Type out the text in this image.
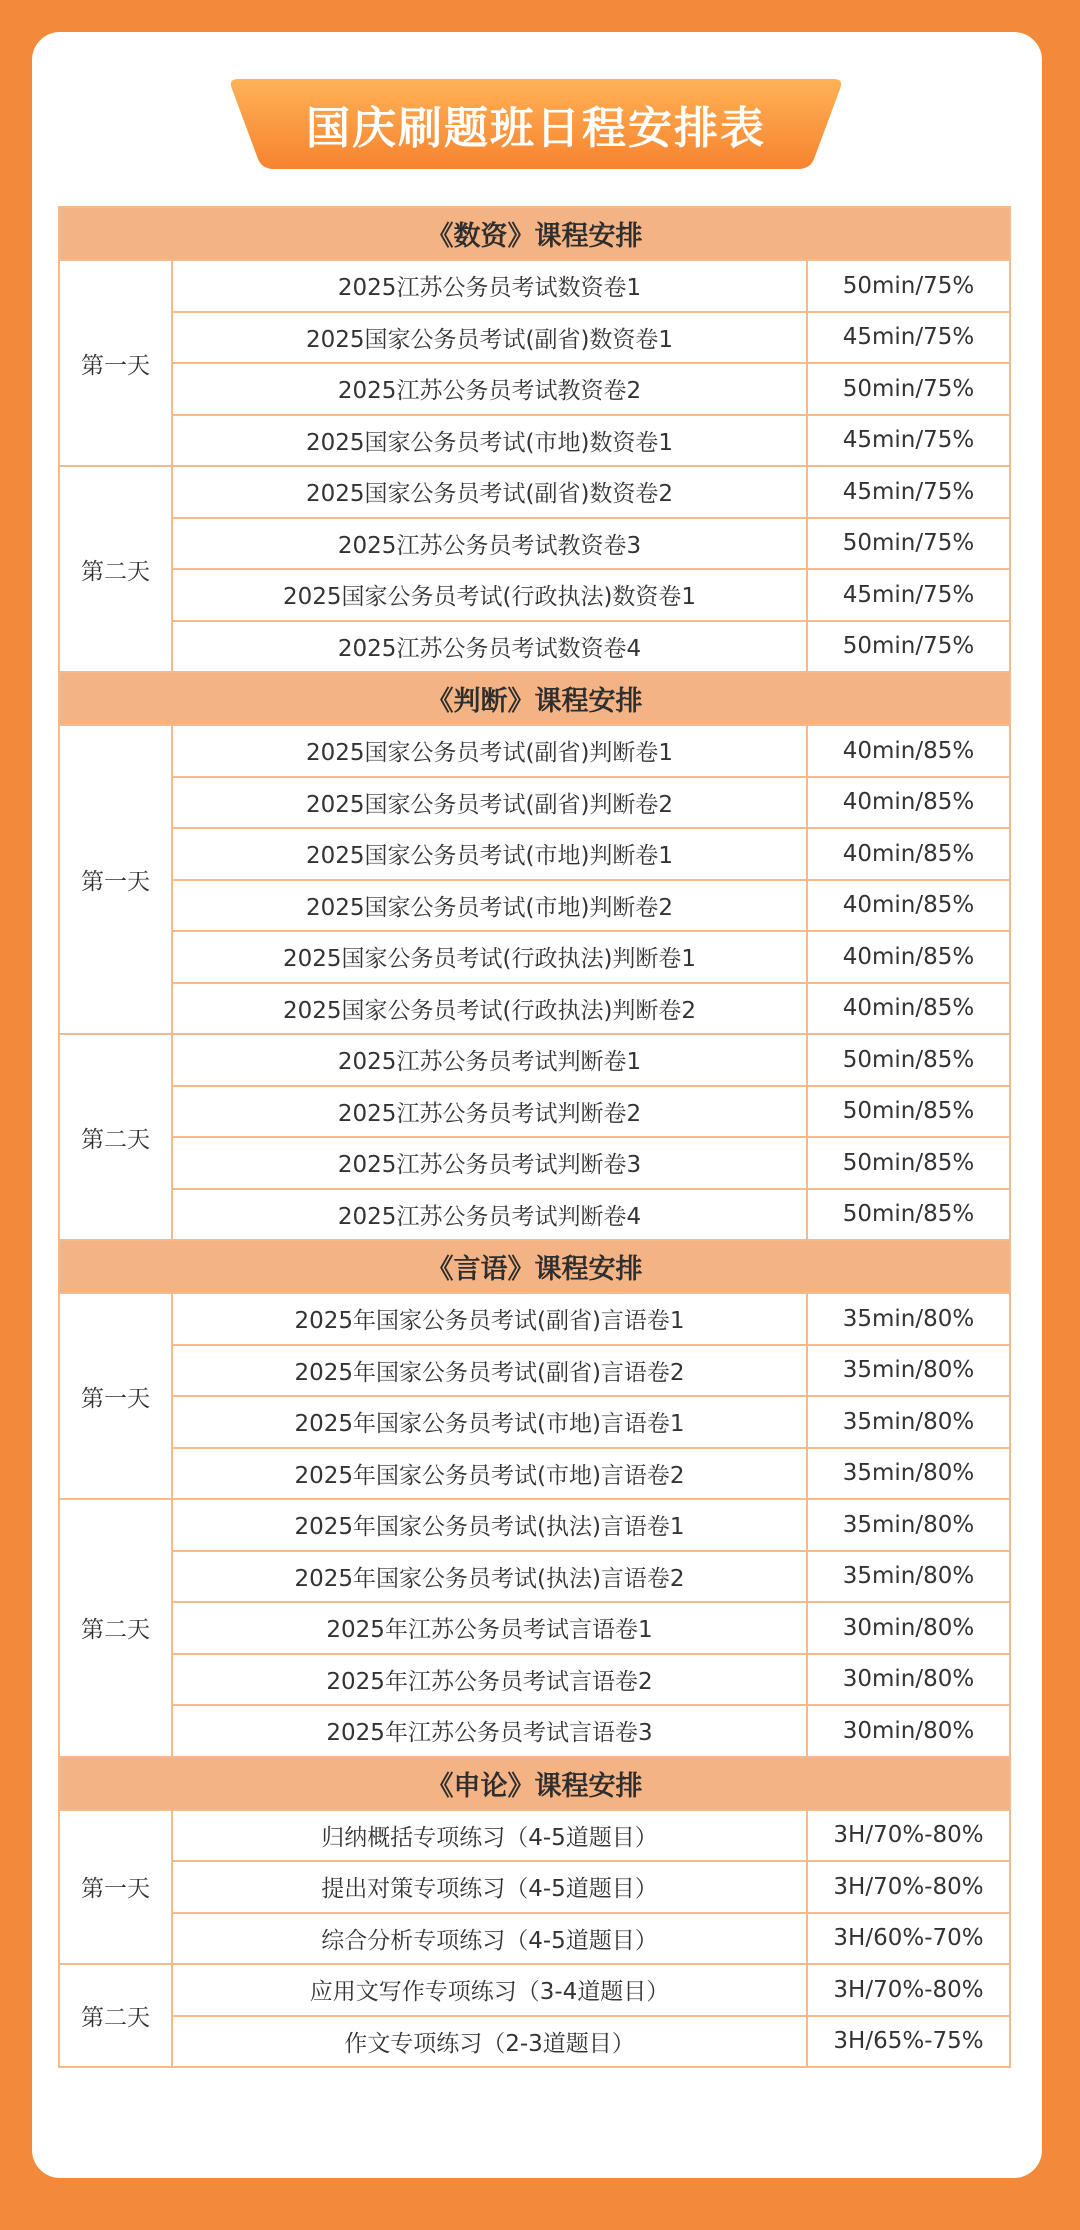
国庆刷题班日程安排表
《数资》课程安排		
第一天	2025江苏公务员考试数资卷1	50min/75%
	2025国家公务员考试(副省)数资卷1	45min/75%
	2025江苏公务员考试教资卷2	50min/75%
	2025国家公务员考试(市地)数资卷1	45min/75%
第二天	2025国家公务员考试(副省)数资卷2	45min/75%
	2025江苏公务员考试教资卷3	50min/75%
	2025国家公务员考试(行政执法)数资卷1	45min/75%
	2025江苏公务员考试数资卷4	50min/75%
《判断》课程安排		
第一天	2025国家公务员考试(副省)判断卷1	40min/85%
	2025国家公务员考试(副省)判断卷2	40min/85%
	2025国家公务员考试(市地)判断卷1	40min/85%
	2025国家公务员考试(市地)判断卷2	40min/85%
	2025国家公务员考试(行政执法)判断卷1	40min/85%
	2025国家公务员考试(行政执法)判断卷2	40min/85%
第二天	2025江苏公务员考试判断卷1	50min/85%
	2025江苏公务员考试判断卷2	50min/85%
	2025江苏公务员考试判断卷3	50min/85%
	2025江苏公务员考试判断卷4	50min/85%
《言语》课程安排		
第一天	2025年国家公务员考试(副省)言语卷1	35min/80%
	2025年国家公务员考试(副省)言语卷2	35min/80%
	2025年国家公务员考试(市地)言语卷1	35min/80%
	2025年国家公务员考试(市地)言语卷2	35min/80%
第二天	2025年国家公务员考试(执法)言语卷1	35min/80%
	2025年国家公务员考试(执法)言语卷2	35min/80%
	2025年江苏公务员考试言语卷1	30min/80%
	2025年江苏公务员考试言语卷2	30min/80%
	2025年江苏公务员考试言语卷3	30min/80%
《申论》课程安排		
第一天	归纳概括专项练习（4-5道题目）	3H/70%-80%
	提出对策专项练习（4-5道题目）	3H/70%-80%
	综合分析专项练习（4-5道题目）	3H/60%-70%
第二天	应用文写作专项练习（3-4道题目）	3H/70%-80%
	作文专项练习（2-3道题目）	3H/65%-75%
